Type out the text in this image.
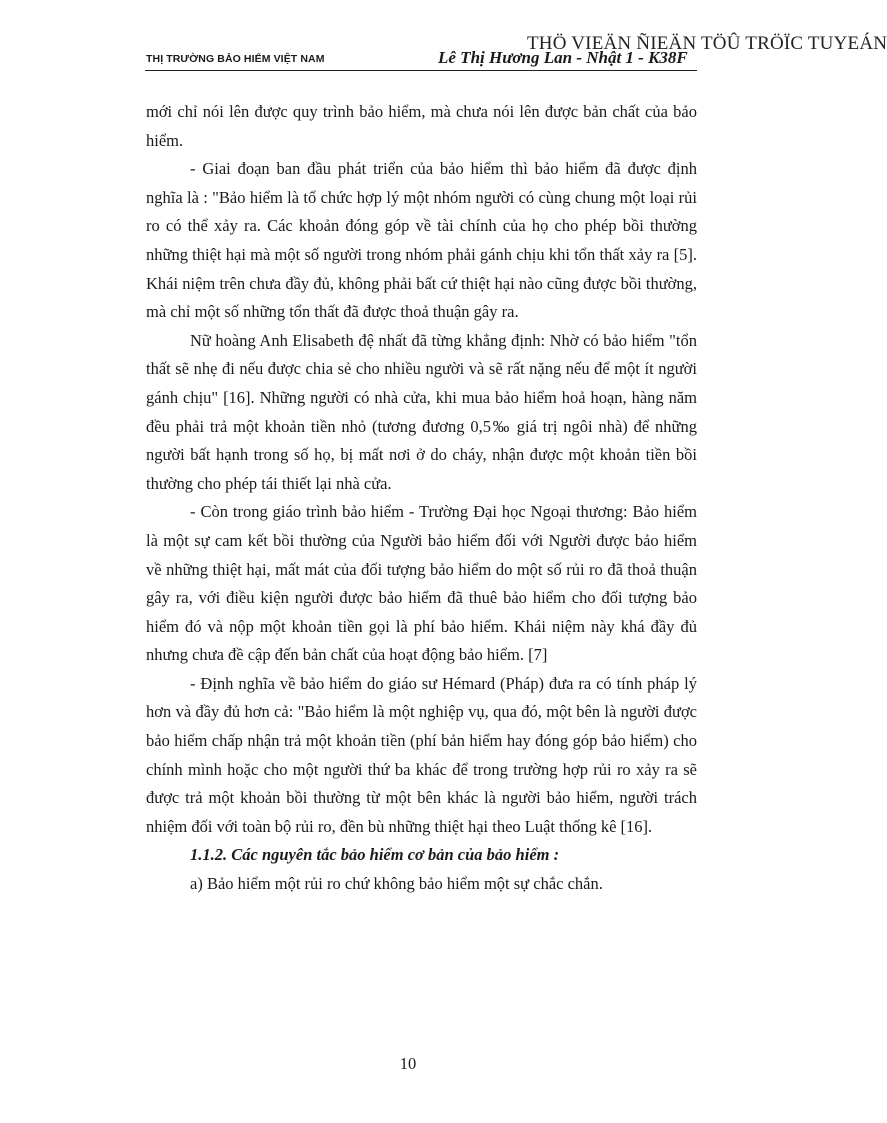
THÖ VIEÄN ÑIEÄN TÖÛ TRÖÏC TUYEÁN
THỊ TRƯỜNG BẢO HIỂM VIỆT NAM	Lê Thị Hương Lan - Nhật 1 - K38F

mới chỉ nói lên được quy trình bảo hiểm, mà chưa nói lên được bản chất của bảo hiểm.

- Giai đoạn ban đầu phát triển của bảo hiểm thì bảo hiểm đã được định nghĩa là : "Bảo hiểm là tổ chức hợp lý một nhóm người có cùng chung một loại rủi ro có thể xảy ra. Các khoản đóng góp về tài chính của họ cho phép bồi thường những thiệt hại mà một số người trong nhóm phải gánh chịu khi tổn thất xảy ra [5]. Khái niệm trên chưa đầy đủ, không phải bất cứ thiệt hại nào cũng được bồi thường, mà chỉ một số những tổn thất đã được thoả thuận gây ra.

Nữ hoàng Anh Elisabeth đệ nhất đã từng khẳng định: Nhờ có bảo hiểm "tổn thất sẽ nhẹ đi nếu được chia sẻ cho nhiều người và sẽ rất nặng nếu để một ít người gánh chịu" [16]. Những người có nhà cửa, khi mua bảo hiểm hoả hoạn, hàng năm đều phải trả một khoản tiền nhỏ (tương đương 0,5‰ giá trị ngôi nhà) để những người bất hạnh trong số họ, bị mất nơi ở do cháy, nhận được một khoản tiền bồi thường cho phép tái thiết lại nhà cửa.

- Còn trong giáo trình bảo hiểm - Trường Đại học Ngoại thương: Bảo hiểm là một sự cam kết bồi thường của Người bảo hiểm đối với Người được bảo hiểm về những thiệt hại, mất mát của đối tượng bảo hiểm do một số rủi ro đã thoả thuận gây ra, với điều kiện người được bảo hiểm đã thuê bảo hiểm cho đối tượng bảo hiểm đó và nộp một khoản tiền gọi là phí bảo hiểm. Khái niệm này khá đầy đủ nhưng chưa đề cập đến bản chất của hoạt động bảo hiểm. [7]

- Định nghĩa về bảo hiểm do giáo sư Hémard (Pháp) đưa ra có tính pháp lý hơn và đầy đủ hơn cả: "Bảo hiểm là một nghiệp vụ, qua đó, một bên là người được bảo hiểm chấp nhận trả một khoản tiền (phí bản hiểm hay đóng góp bảo hiểm) cho chính mình hoặc cho một người thứ ba khác để trong trường hợp rủi ro xảy ra sẽ được trả một khoản bồi thường từ một bên khác là người bảo hiểm, người trách nhiệm đối với toàn bộ rủi ro, đền bù những thiệt hại theo Luật thống kê [16].

1.1.2. Các nguyên tắc bảo hiểm cơ bản của bảo hiểm :

a) Bảo hiểm một rủi ro chứ không bảo hiểm một sự chắc chắn.

10
